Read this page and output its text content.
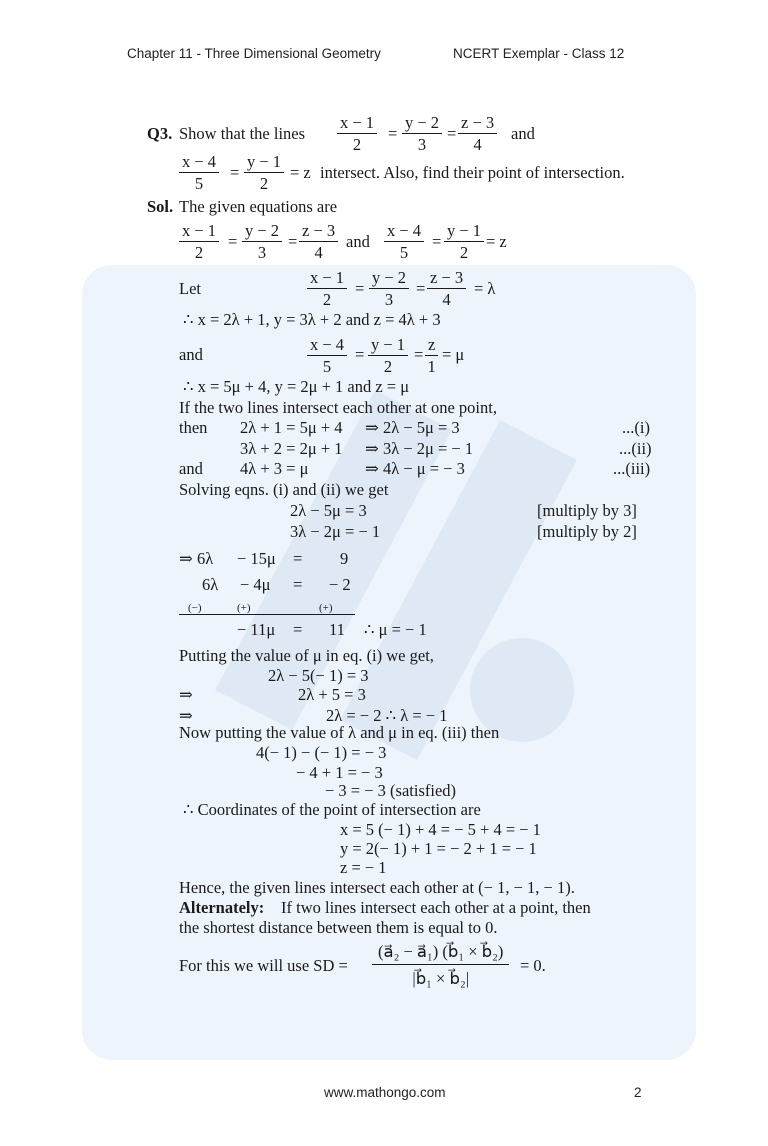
Chapter 11 - Three Dimensional Geometry	NCERT Exemplar - Class 12
Q3. Show that the lines $\frac{x - 1}{2} = \frac{y - 2}{3} = \frac{z - 3}{4}$ and
$\frac{x - 4}{5} = \frac{y - 1}{2} = z$ intersect. Also, find their point of intersection.
Sol. The given equations are
$\frac{x - 1}{2} = \frac{y - 2}{3} = \frac{z - 3}{4}$ and $\frac{x - 4}{5} = \frac{y - 1}{2} = z$
Let	$\frac{x - 1}{2} = \frac{y - 2}{3} = \frac{z - 3}{4} = \lambda$
∴ x = 2λ + 1, y = 3λ + 2 and z = 4λ + 3
and	$\frac{x - 4}{5} = \frac{y - 1}{2} = \frac{z}{1} = \mu$
∴ x = 5μ + 4, y = 2μ + 1 and z = μ
If the two lines intersect each other at one point,
then 2λ + 1 = 5μ + 4 ⇒ 2λ − 5μ = 3	...(i)
3λ + 2 = 2μ + 1 ⇒ 3λ − 2μ = − 1	...(ii)
and 4λ + 3 = μ	⇒ 4λ − μ = − 3	...(iii)
Solving eqns. (i) and (ii) we get
2λ − 5μ = 3	[multiply by 3]
3λ − 2μ = − 1	[multiply by 2]
⇒ 6λ − 15μ = 9
6λ − 4μ = − 2
(−)	(+)	(+)
− 11μ = 11 ∴ μ = − 1
Putting the value of μ in eq. (i) we get,
2λ − 5(− 1) = 3
⇒	2λ + 5 = 3
⇒	2λ = − 2 ∴ λ = − 1
Now putting the value of λ and μ in eq. (iii) then
4(− 1) − (− 1) = − 3
− 4 + 1 = − 3
− 3 = − 3 (satisfied)
∴ Coordinates of the point of intersection are
x = 5 (− 1) + 4 = − 5 + 4 = − 1
y = 2(− 1) + 1 = − 2 + 1 = − 1
z = − 1
Hence, the given lines intersect each other at (− 1, − 1, − 1).
Alternately: If two lines intersect each other at a point, then
the shortest distance between them is equal to 0.
For this we will use SD = $\frac{\text{(a⃗₂ − a⃗₁) (b⃗₁ × b⃗₂)}}{\text{|b⃗₁ × b⃗₂|}} = 0$.
www.mathongo.com	2
